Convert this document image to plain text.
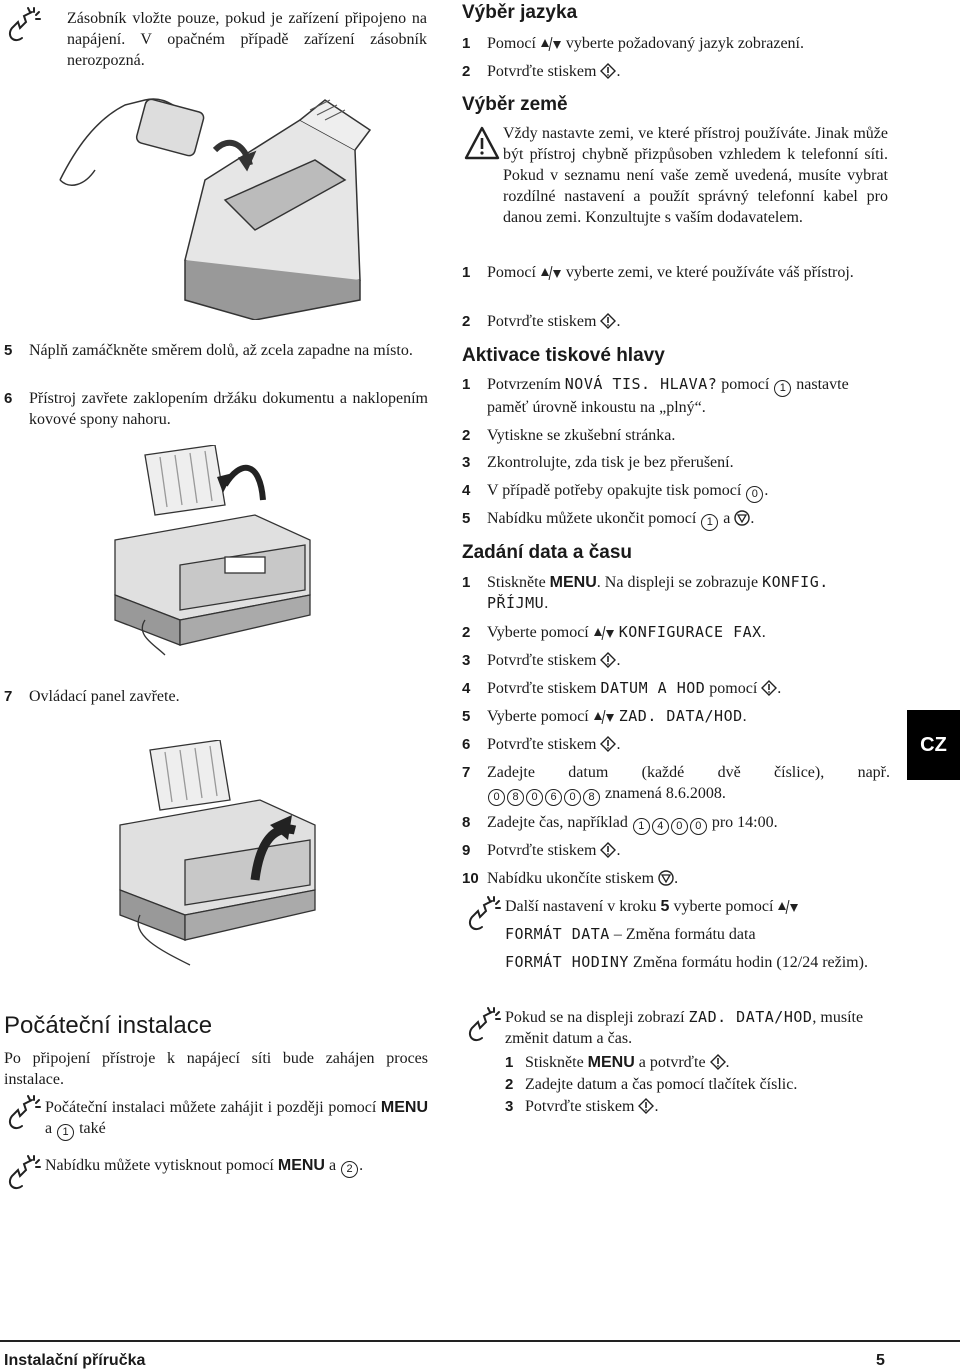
Zásobník vložte pouze, pokud je zařízení připojeno na napájení. V opačném případě zařízení zásobník nerozpozná.
5 Náplň zamáčkněte směrem dolů, až zcela zapadne na místo.
6 Přístroj zavřete zaklopením držáku dokumentu a naklopením kovové spony nahoru.
7 Ovládací panel zavřete.
Počáteční instalace
Po připojení přístroje k napájecí síti bude zahájen proces instalace.
Počáteční instalaci můžete zahájit i později pomocí MENU a 1 také
Nabídku můžete vytisknout pomocí MENU a 2 .
Výběr jazyka
1 Pomocí  vyberte požadovaný jazyk zobrazení.
2 Potvrďte stiskem .
Výběr země
Vždy nastavte zemi, ve které přístroj používáte. Jinak může být přístroj chybně přizpůsoben vzhledem k telefonní síti. Pokud v seznamu není vaše země uvedená, musíte vybrat rozdílné nastavení a použít správný telefonní kabel pro danou zemi. Konzultujte s vaším dodavatelem.
1 Pomocí  vyberte zemi, ve které používáte váš přístroj.
2 Potvrďte stiskem .
Aktivace tiskové hlavy
1 Potvrzením NOVÁ TIS. HLAVA? pomocí 1 nastavte paměť úrovně inkoustu na „plný“.
2 Vytiskne se zkušební stránka.
3 Zkontrolujte, zda tisk je bez přerušení.
4 V případě potřeby opakujte tisk pomocí 0 .
5 Nabídku můžete ukončit pomocí 1 a .
Zadání data a času
1 Stiskněte MENU. Na displeji se zobrazuje KONFIG. PŘÍJMU.
2 Vyberte pomocí  KONFIGURACE FAX.
3 Potvrďte stiskem .
4 Potvrďte stiskem DATUM A HOD pomocí .
5 Vyberte pomocí  ZAD. DATA/HOD.
6 Potvrďte stiskem .
7 Zadejte datum (každé dvě číslice), např.
0 8 0 6 0 8 znamená 8.6.2008.
8 Zadejte čas, například 1 4 0 0 pro 14:00.
9 Potvrďte stiskem .
10 Nabídku ukončíte stiskem .
Další nastavení v kroku 5 vyberte pomocí
FORMÁT DATA – Změna formátu data
FORMÁT HODINY Změna formátu hodin (12/24 režim).
Pokud se na displeji zobrazí ZAD. DATA/HOD, musíte změnit datum a čas.
1 Stiskněte MENU a potvrďte .
2 Zadejte datum a čas pomocí tlačítek číslic.
3 Potvrďte stiskem .
CZ
Instalační příručka	5
